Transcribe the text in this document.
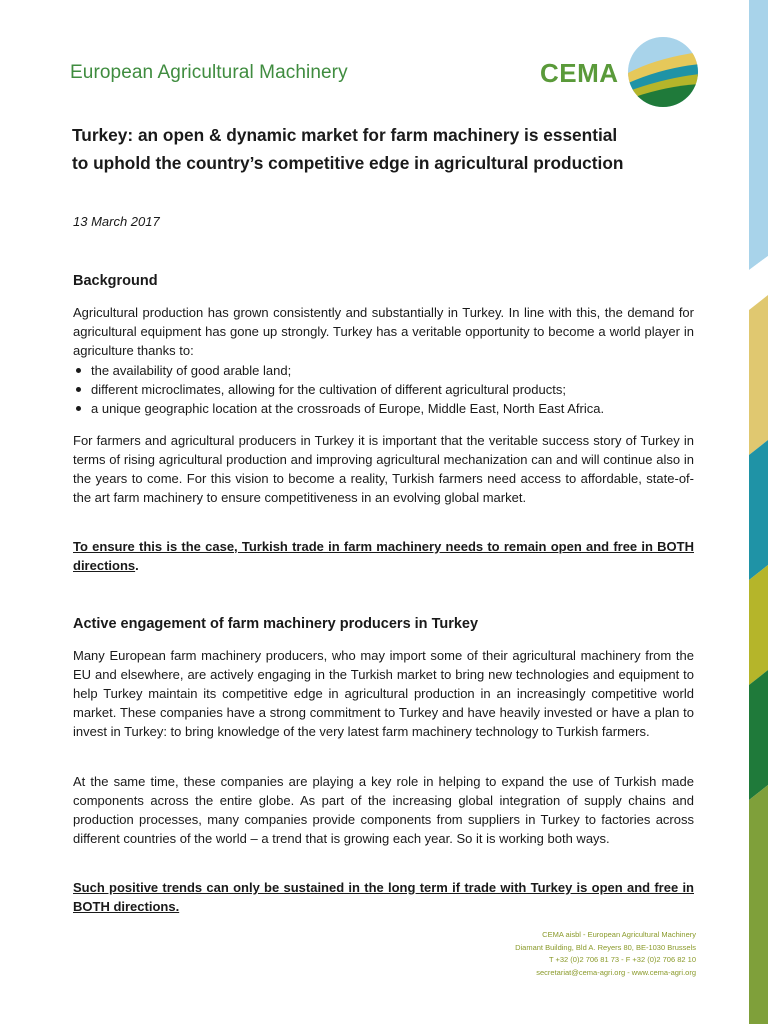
European Agricultural Machinery	CEMA
Turkey: an open & dynamic market for farm machinery is essential
to uphold the country’s competitive edge in agricultural production
13 March 2017
Background
Agricultural production has grown consistently and substantially in Turkey. In line with this, the demand for agricultural equipment has gone up strongly. Turkey has a veritable opportunity to become a world player in agriculture thanks to:
the availability of good arable land;
different microclimates, allowing for the cultivation of different agricultural products;
a unique geographic location at the crossroads of Europe, Middle East, North East Africa.
For farmers and agricultural producers in Turkey it is important that the veritable success story of Turkey in terms of rising agricultural production and improving agricultural mechanization can and will continue also in the years to come. For this vision to become a reality, Turkish farmers need access to affordable, state-of-the art farm machinery to ensure competitiveness in an evolving global market.
To ensure this is the case, Turkish trade in farm machinery needs to remain open and free in BOTH directions.
Active engagement of farm machinery producers in Turkey
Many European farm machinery producers, who may import some of their agricultural machinery from the EU and elsewhere, are actively engaging in the Turkish market to bring new technologies and equipment to help Turkey maintain its competitive edge in agricultural production in an increasingly competitive world market. These companies have a strong commitment to Turkey and have heavily invested or have a plan to invest in Turkey: to bring knowledge of the very latest farm machinery technology to Turkish farmers.
At the same time, these companies are playing a key role in helping to expand the use of Turkish made components across the entire globe. As part of the increasing global integration of supply chains and production processes, many companies provide components from suppliers in Turkey to factories across different countries of the world – a trend that is growing each year. So it is working both ways.
Such positive trends can only be sustained in the long term if trade with Turkey is open and free in BOTH directions.
CEMA aisbl - European Agricultural Machinery
Diamant Building, Bld A. Reyers 80, BE-1030 Brussels
T +32 (0)2 706 81 73 - F +32 (0)2 706 82 10
secretariat@cema-agri.org - www.cema-agri.org
